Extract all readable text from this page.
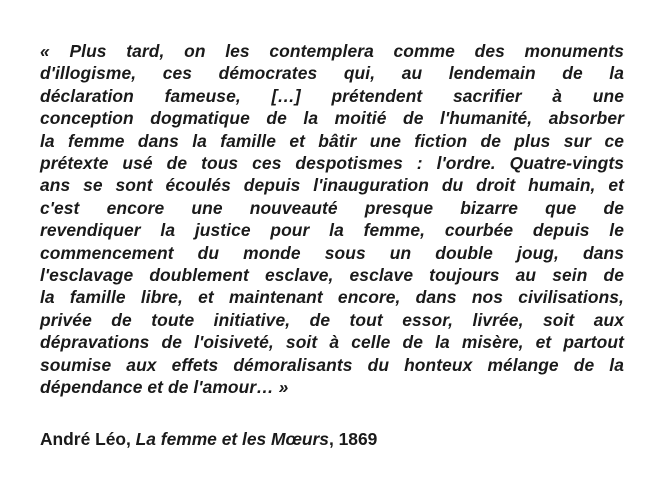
« Plus tard, on les contemplera comme des monuments
d'illogisme, ces démocrates qui, au lendemain de la
déclaration fameuse, […] prétendent sacrifier à une
conception dogmatique de la moitié de l'humanité, absorber
la femme dans la famille et bâtir une fiction de plus sur ce
prétexte usé de tous ces despotismes : l'ordre. Quatre-vingts
ans se sont écoulés depuis l'inauguration du droit humain, et
c'est encore une nouveauté presque bizarre que de
revendiquer la justice pour la femme, courbée depuis le
commencement du monde sous un double joug, dans
l'esclavage doublement esclave, esclave toujours au sein de
la famille libre, et maintenant encore, dans nos civilisations,
privée de toute initiative, de tout essor, livrée, soit aux
dépravations de l'oisiveté, soit à celle de la misère, et partout
soumise aux effets démoralisants du honteux mélange de la
dépendance et de l'amour… »

André Léo, La femme et les Mœurs, 1869
